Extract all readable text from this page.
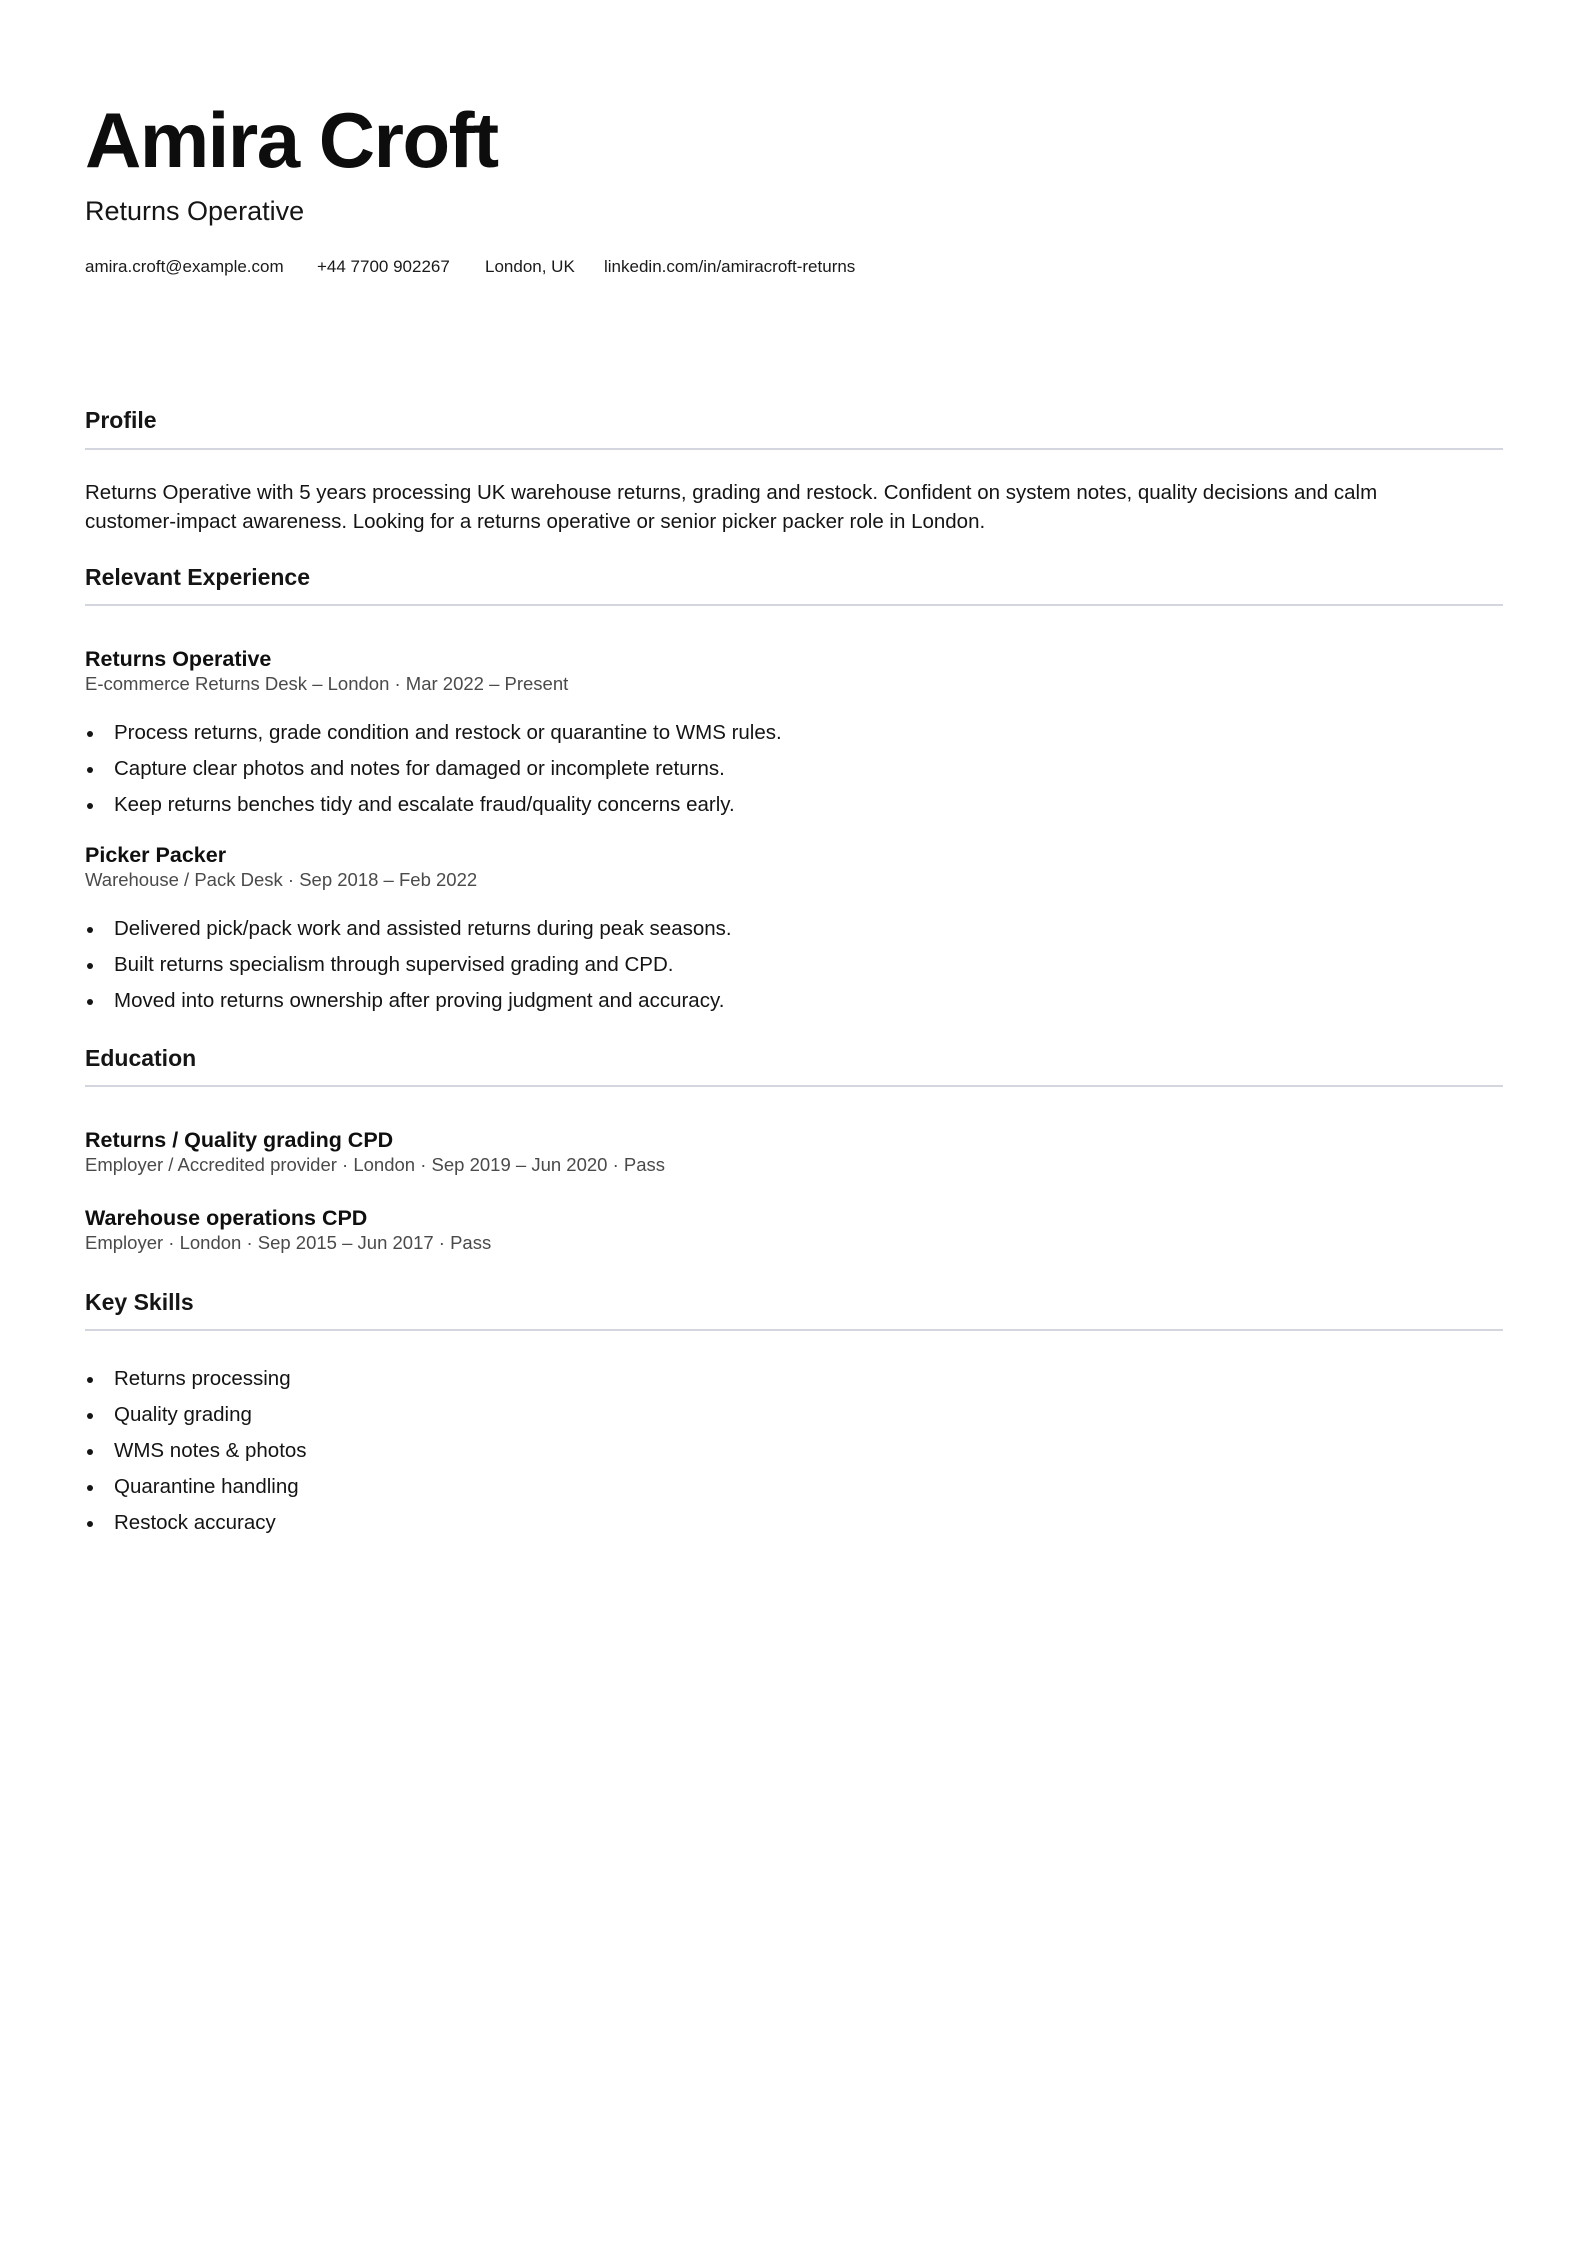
Amira Croft
Returns Operative
amira.croft@example.com	+44 7700 902267	London, UK	linkedin.com/in/amiracroft-returns
Profile

Returns Operative with 5 years processing UK warehouse returns, grading and restock. Confident on system notes, quality decisions and calm
customer-impact awareness. Looking for a returns operative or senior picker packer role in London.

Relevant Experience
Returns Operative
E-commerce Returns Desk – London · Mar 2022 – Present
Process returns, grade condition and restock or quarantine to WMS rules.
Capture clear photos and notes for damaged or incomplete returns.
Keep returns benches tidy and escalate fraud/quality concerns early.
Picker Packer
Warehouse / Pack Desk · Sep 2018 – Feb 2022
Delivered pick/pack work and assisted returns during peak seasons.
Built returns specialism through supervised grading and CPD.
Moved into returns ownership after proving judgment and accuracy.
Education
Returns / Quality grading CPD
Employer / Accredited provider · London · Sep 2019 – Jun 2020 · Pass
Warehouse operations CPD
Employer · London · Sep 2015 – Jun 2017 · Pass
Key Skills
Returns processing
Quality grading
WMS notes & photos
Quarantine handling
Restock accuracy
